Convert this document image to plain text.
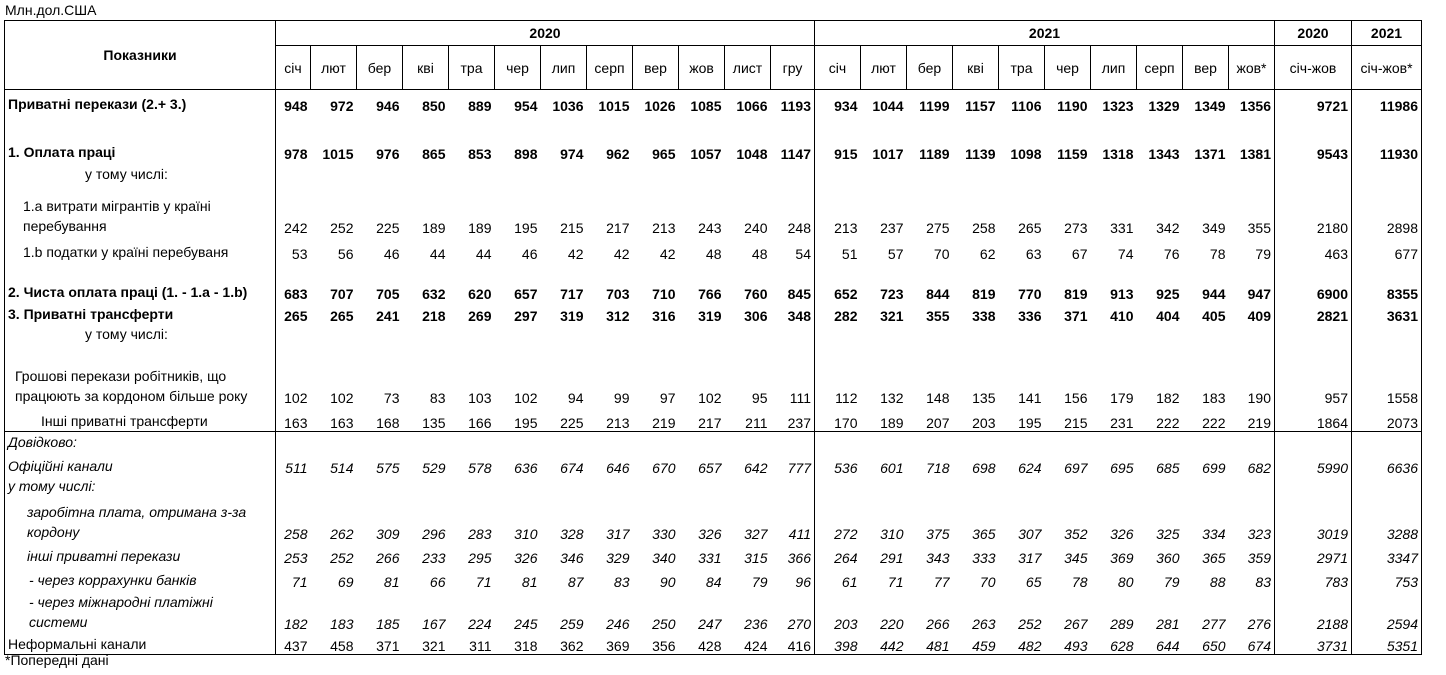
Млн.дол.США
Показники	2020												2021										2020	2021
	січ	лют	бер	кві	тра	чер	лип	серп	вер	жов	лист	гру	січ	лют	бер	кві	тра	чер	лип	серп	вер	жов*	січ-жов	січ-жов*
Приватні перекази (2.+ 3.)	948	972	946	850	889	954	1036	1015	1026	1085	1066	1193	934	1044	1199	1157	1106	1190	1323	1329	1349	1356	9721	11986

1. Оплата праці	978	1015	976	865	853	898	974	962	965	1057	1048	1147	915	1017	1189	1139	1098	1159	1318	1343	1371	1381	9543	11930
у тому числі:																								
1.a витрати мігрантів у країні перебування	242	252	225	189	189	195	215	217	213	243	240	248	213	237	275	258	265	273	331	342	349	355	2180	2898
1.b податки у країні перебуваня	53	56	46	44	44	46	42	42	42	48	48	54	51	57	70	62	63	67	74	76	78	79	463	677
2. Чиста оплата праці (1. - 1.a - 1.b)	683	707	705	632	620	657	717	703	710	766	760	845	652	723	844	819	770	819	913	925	944	947	6900	8355
3. Приватні трансферти	265	265	241	218	269	297	319	312	316	319	306	348	282	321	355	338	336	371	410	404	405	409	2821	3631
у тому числі:																								
Грошові перекази робітників, що працюють за кордоном більше року	102	102	73	83	103	102	94	99	97	102	95	111	112	132	148	135	141	156	179	182	183	190	957	1558
Інші приватні трансферти	163	163	168	135	166	195	225	213	219	217	211	237	170	189	207	203	195	215	231	222	222	219	1864	2073
Довідково:																								
Офіційні канали	511	514	575	529	578	636	674	646	670	657	642	777	536	601	718	698	624	697	695	685	699	682	5990	6636
у тому числі:																								
заробітна плата, отримана з-за кордону	258	262	309	296	283	310	328	317	330	326	327	411	272	310	375	365	307	352	326	325	334	323	3019	3288
інші приватні перекази	253	252	266	233	295	326	346	329	340	331	315	366	264	291	343	333	317	345	369	360	365	359	2971	3347
- через корраxунки банків	71	69	81	66	71	81	87	83	90	84	79	96	61	71	77	70	65	78	80	79	88	83	783	753
- через міжнародні платіжні системи	182	183	185	167	224	245	259	246	250	247	236	270	203	220	266	263	252	267	289	281	277	276	2188	2594
Неформальні канали	437	458	371	321	311	318	362	369	356	428	424	416	398	442	481	459	482	493	628	644	650	674	3731	5351
*Попередні дані
